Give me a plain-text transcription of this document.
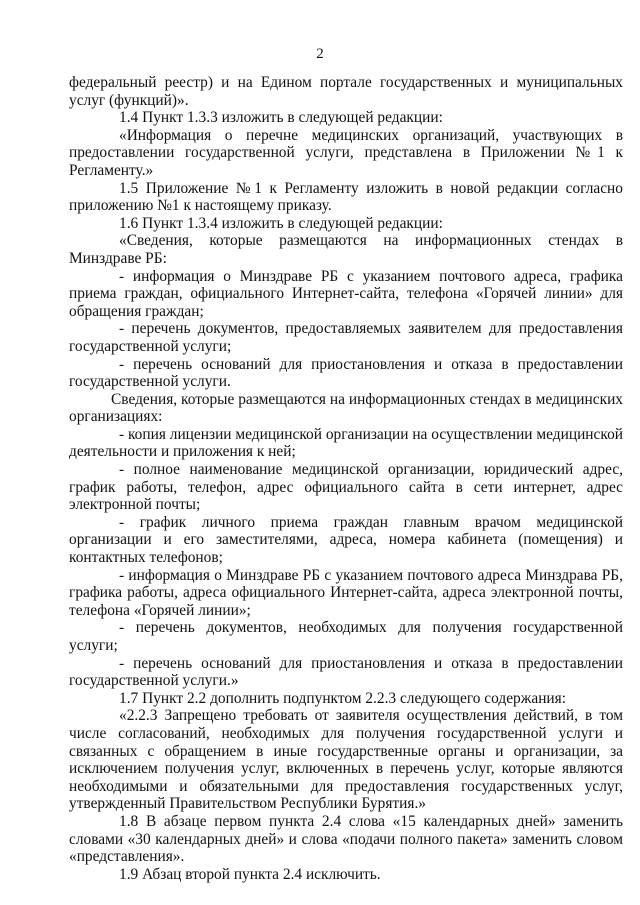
2

федеральный реестр) и на Едином портале государственных и муниципальных услуг (функций)».

1.4 Пункт 1.3.3 изложить в следующей редакции:

«Информация о перечне медицинских организаций, участвующих в предоставлении государственной услуги, представлена в Приложении №1 к Регламенту.»

1.5 Приложение №1 к Регламенту изложить в новой редакции согласно приложению №1 к настоящему приказу.

1.6 Пункт 1.3.4 изложить в следующей редакции:

«Сведения, которые размещаются на информационных стендах в Минздраве РБ:

- информация о Минздраве РБ с указанием почтового адреса, графика приема граждан, официального Интернет-сайта, телефона «Горячей линии» для обращения граждан;

- перечень документов, предоставляемых заявителем для предоставления государственной услуги;

- перечень оснований для приостановления и отказа в предоставлении государственной услуги.

Сведения, которые размещаются на информационных стендах в медицинских организациях:

- копия лицензии медицинской организации на осуществлении медицинской деятельности и приложения к ней;

- полное наименование медицинской организации, юридический адрес, график работы, телефон, адрес официального сайта в сети интернет, адрес электронной почты;

- график личного приема граждан главным врачом медицинской организации и его заместителями, адреса, номера кабинета (помещения) и контактных телефонов;

- информация о Минздраве РБ с указанием почтового адреса Минздрава РБ, графика работы, адреса официального Интернет-сайта, адреса электронной почты, телефона «Горячей линии»;

- перечень документов, необходимых для получения государственной услуги;

- перечень оснований для приостановления и отказа в предоставлении государственной услуги.»

1.7 Пункт 2.2 дополнить подпунктом 2.2.3 следующего содержания:

«2.2.3 Запрещено требовать от заявителя осуществления действий, в том числе согласований, необходимых для получения государственной услуги и связанных с обращением в иные государственные органы и организации, за исключением получения услуг, включенных в перечень услуг, которые являются необходимыми и обязательными для предоставления государственных услуг, утвержденный Правительством Республики Бурятия.»

1.8 В абзаце первом пункта 2.4 слова «15 календарных дней» заменить словами «30 календарных дней» и слова «подачи полного пакета» заменить словом «представления».

1.9 Абзац второй пункта 2.4 исключить.
